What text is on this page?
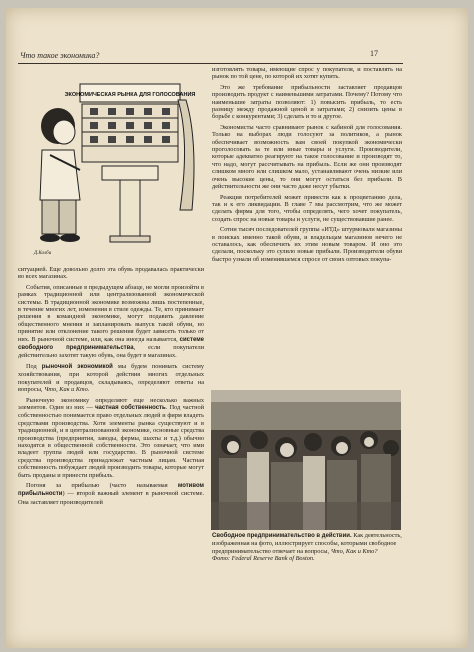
Что такое экономика?	17
ЭКОНОМИЧЕСКАЯ РЫНКА ДЛЯ ГОЛОСОВАНИЯ
Д.Колби

ситуацией. Еще довольно долго эта обувь продавалась практически во всех магазинах.

События, описанные в предыдущем абзаце, не могли произойти в рамках традиционной или централизованной экономической системы. В традиционной экономике возможны лишь постепенные, в течение многих лет, изменения в стиле одежды. Те, кто принимает решения в командной экономике, могут подавить давление общественного мнения и запланировать выпуск такой обуви, но принятие или отклонение такого решения будет зависеть только от них. В рыночной системе, или, как она иногда называется, системе свободного предпринимательства, если покупатели действительно захотят такую обувь, она будет в магазинах.

Под рыночной экономикой мы будем понимать систему хозяйствования, при которой действия многих отдельных покупателей и продавцов, складываясь, определяют ответы на вопросы, Что, Как и Кто.

Рыночную экономику определяют еще несколько важных элементов. Один из них — частная собственность. Под частной собственностью понимается право отдельных людей и фирм владеть средствами производства. Хотя элементы рынка существуют и в традиционной, и в централизованной экономике, основные средства производства (предприятия, заводы, фермы, шахты и т.д.) обычно находятся в общественной собственности. Это означает, что ими владеет группа людей или государство. В рыночной системе средства производства принадлежат частным лицам. Частная собственность побуждает людей производить товары, которые могут быть проданы и принести прибыль.

Погоня за прибылью (часто называемая мотивом прибыльности) — второй важный элемент в рыночной системе. Она заставляет производителей

изготовлять товары, имеющие спрос у покупателя, и поставлять на рынок по той цене, по которой их хотят купить.

Это же требование прибыльности заставляет продавцов производить продукт с наименьшими затратами. Почему? Потому что наименьшие затраты позволяют: 1) повысить прибыль, то есть разницу между продажной ценой и затратами; 2) снизить цены в борьбе с конкурентами; 3) сделать и то и другое.

Экономисты часто сравнивают рынок с кабиной для голосования. Только на выборах люди голосуют за политиков, а рынок обеспечивает возможность вам своей покупкой экономически проголосовать за те или иные товары и услуги. Производители, которые адекватно реагируют на такое голосование и производят то, что надо, могут рассчитывать на прибыль. Если же они производят слишком много или слишком мало, устанавливают очень низкие или очень высокие цены, то они могут остаться без прибыли. В действительности же они часто даже несут убытки.

Реакция потребителей может привести как к процветанию дела, так и к его ликвидации. В главе 7 мы рассмотрим, что же может сделать фирма для того, чтобы определять, чего хочет покупатель, создать спрос на новые товары и услуги, не существовавшие ранее.

Сотни тысяч последователей группы «ИТД» штурмовали магазины в поисках именно такой обуви, и владельцам магазинов нечего не оставалось, как обеспечить их этим новым товаром. И оно это сделали, поскольку это сулило новые прибыли. Производители обуви быстро узнали об изменившемся спросе от своих оптовых покупа-

Свободное предпринимательство в действии. Как деятельность, изображенная на фото, иллюстрирует способы, которыми свободное предпринимательство отвечает на вопросы, Что, Как и Кто?
Фото: Federal Reserve Bank of Boston.
